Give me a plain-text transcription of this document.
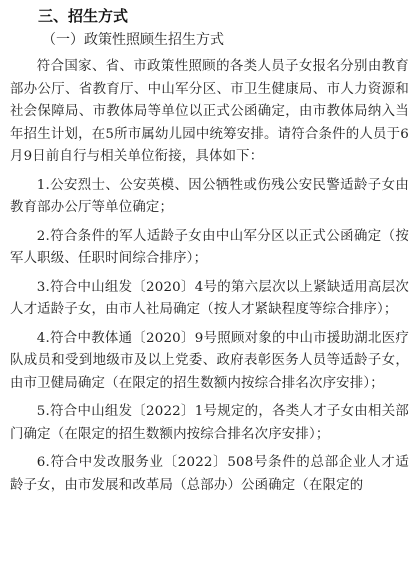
三、招生方式
（一）政策性照顾生招生方式

符合国家、省、市政策性照顾的各类人员子女报名分别由教育部办公厅、省教育厅、中山军分区、市卫生健康局、市人力资源和社会保障局、市教体局等单位以正式公函确定，由市教体局纳入当年招生计划，在5所市属幼儿园中统筹安排。请符合条件的人员于6月9日前自行与相关单位衔接，具体如下：

1.公安烈士、公安英模、因公牺牲或伤残公安民警适龄子女由教育部办公厅等单位确定；

2.符合条件的军人适龄子女由中山军分区以正式公函确定（按军人职级、任职时间综合排序）；

3.符合中山组发〔2020〕4号的第六层次以上紧缺适用高层次人才适龄子女，由市人社局确定（按人才紧缺程度等综合排序）；

4.符合中教体通〔2020〕9号照顾对象的中山市援助湖北医疗队成员和受到地级市及以上党委、政府表彰医务人员等适龄子女，由市卫健局确定（在限定的招生数额内按综合排名次序安排）；

5.符合中山组发〔2022〕1号规定的，各类人才子女由相关部门确定（在限定的招生数额内按综合排名次序安排）；

6.符合中发改服务业〔2022〕508号条件的总部企业人才适龄子女，由市发展和改革局（总部办）公函确定（在限定的
